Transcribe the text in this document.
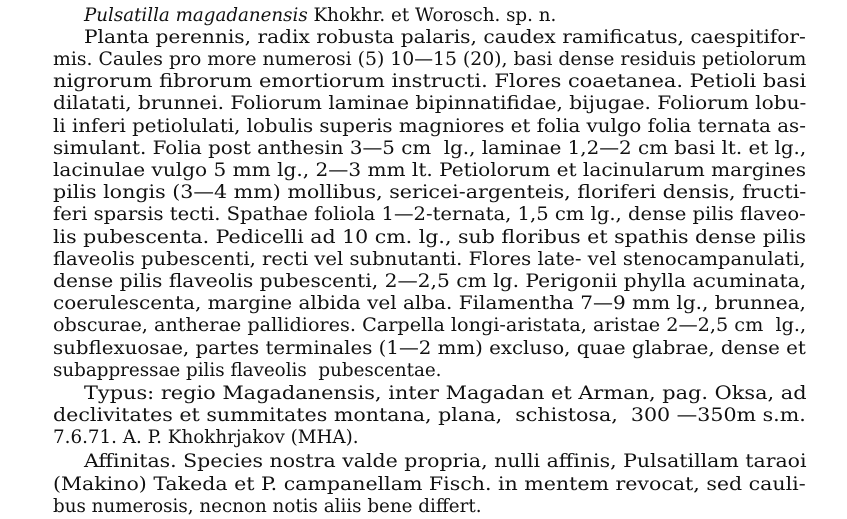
Pulsatilla magadanensis Khokhr. et Worosch. sp. n.
Planta perennis, radix robusta palaris, caudex ramificatus, caespitifor-
mis. Caules pro more numerosi (5) 10—15 (20), basi dense residuis petiolorum
nigrorum fibrorum emortiorum instructi. Flores coaetanea. Petioli basi
dilatati, brunnei. Foliorum laminae bipinnatifidae, bijugae. Foliorum lobu-
li inferi petiolulati, lobulis superis magniores et folia vulgo folia ternata as-
simulant. Folia post anthesin 3—5 cm  lg., laminae 1,2—2 cm basi lt. et lg.,
lacinulae vulgo 5 mm lg., 2—3 mm lt. Petiolorum et lacinularum margines
pilis longis (3—4 mm) mollibus, sericei-argenteis, floriferi densis, fructi-
feri sparsis tecti. Spathae foliola 1—2-ternata, 1,5 cm lg., dense pilis flaveo-
lis pubescenta. Pedicelli ad 10 cm. lg., sub floribus et spathis dense pilis
flaveolis pubescenti, recti vel subnutanti. Flores late- vel stenocampanulati,
dense pilis flaveolis pubescenti, 2—2,5 cm lg. Perigonii phylla acuminata,
coerulescenta, margine albida vel alba. Filamentha 7—9 mm lg., brunnea,
obscurae, antherae pallidiores. Carpella longi-aristata, aristae 2—2,5 cm  lg.,
subflexuosae, partes terminales (1—2 mm) excluso, quae glabrae, dense et
subappressae pilis flaveolis  pubescentae.
Typus: regio Magadanensis, inter Magadan et Arman, pag. Oksa, ad
declivitates et summitates montana, plana,  schistosa,  300 —350m s.m.
7.6.71. A. P. Khokhrjakov (MHA).
Affinitas. Species nostra valde propria, nulli affinis, Pulsatillam taraoi
(Makino) Takeda et P. campanellam Fisch. in mentem revocat, sed cauli-
bus numerosis, necnon notis aliis bene differt.
